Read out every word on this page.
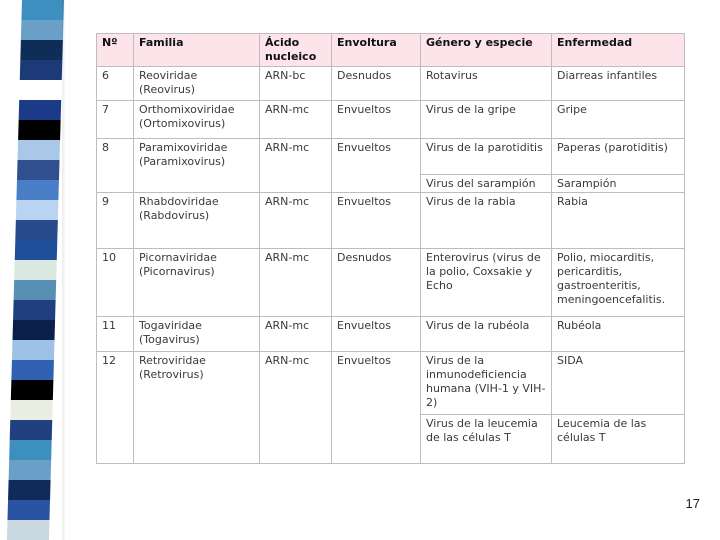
Nº	Familia	Ácido nucleico	Envoltura	Género y especie	Enfermedad
6	Reoviridae (Reovirus)	ARN-bc	Desnudos	Rotavirus	Diarreas infantiles
7	Orthomixoviridae (Ortomixovirus)	ARN-mc	Envueltos	Virus de la gripe	Gripe
8	Paramixoviridae (Paramixovirus)	ARN-mc	Envueltos	Virus de la parotiditis	Paperas (parotiditis)
				Virus del sarampión	Sarampión
9	Rhabdoviridae (Rabdovirus)	ARN-mc	Envueltos	Virus de la rabia	Rabia
10	Picornaviridae (Picornavirus)	ARN-mc	Desnudos	Enterovirus (virus de la polio, Coxsakie y Echo	Polio, miocarditis, pericarditis, gastroenteritis, meningoencefalitis.
11	Togaviridae (Togavirus)	ARN-mc	Envueltos	Virus de la rubéola	Rubéola
12	Retroviridae (Retrovirus)	ARN-mc	Envueltos	Virus de la inmunodeficiencia humana (VIH-1 y VIH-2)	SIDA
				Virus de la leucemia de las células T	Leucemia de las células T
17
